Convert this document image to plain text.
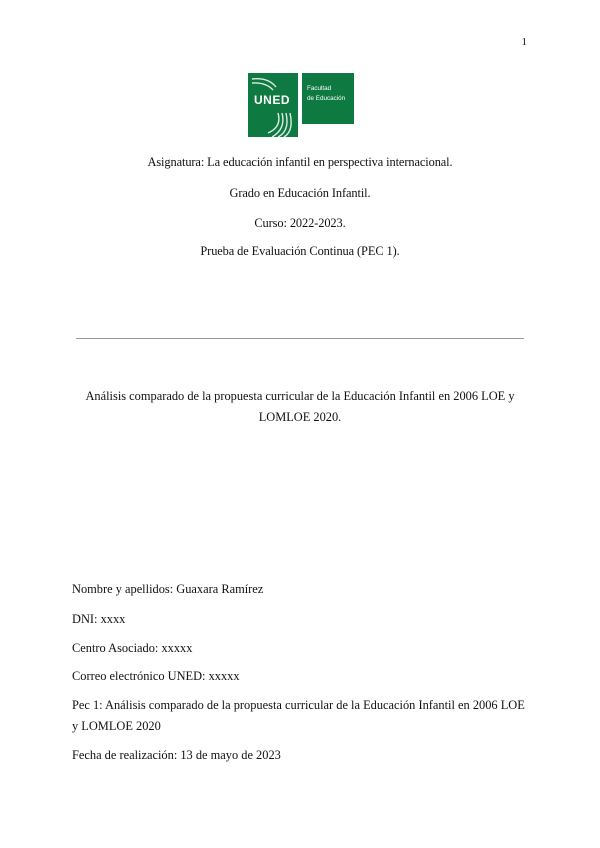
1
UNED
Facultad
de Educación
Asignatura: La educación infantil en perspectiva internacional.
Grado en Educación Infantil.
Curso: 2022-2023.
Prueba de Evaluación Continua (PEC 1).
Análisis comparado de la propuesta curricular de la Educación Infantil en 2006 LOE y LOMLOE 2020.
Nombre y apellidos: Guaxara Ramírez
DNI: xxxx
Centro Asociado: xxxxx
Correo electrónico UNED: xxxxx
Pec 1: Análisis comparado de la propuesta curricular de la Educación Infantil en 2006 LOE y LOMLOE 2020
Fecha de realización: 13 de mayo de 2023
